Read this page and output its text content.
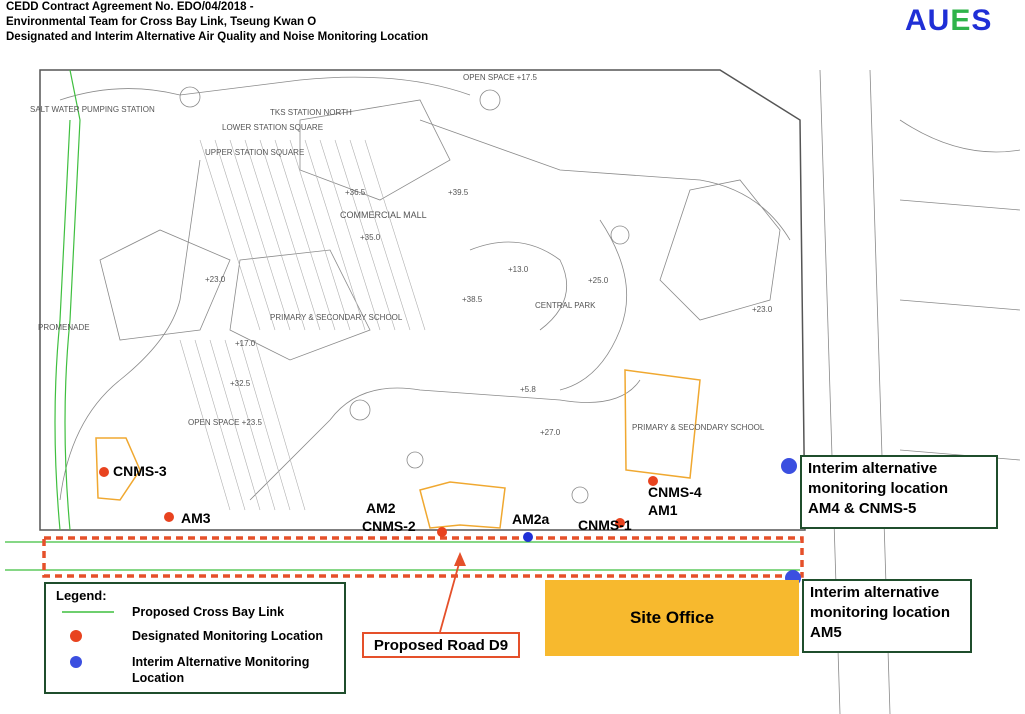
CEDD Contract Agreement No. EDO/04/2018 -
Environmental Team for Cross Bay Link, Tseung Kwan O
Designated and Interim Alternative Air Quality and Noise Monitoring Location	AUES
COMMERCIAL MALL
CENTRAL PARK
PRIMARY & SECONDARY SCHOOL
PRIMARY & SECONDARY SCHOOL
OPEN SPACE +17.5
OPEN SPACE +23.5
LOWER STATION SQUARE
UPPER STATION SQUARE
SALT WATER PUMPING STATION	TKS STATION NORTH
PROMENADE
+36.5	+39.5
+35.0
+23.0
+17.0
+32.5
+25.0
+23.0
+27.0
+5.8
+38.5
+13.0
CNMS-3
AM3
AM2
CNMS-2	AM2a CNMS-1
CNMS-4
AM1
Interim alternative
monitoring location
AM4 & CNMS-5
Interim alternative
monitoring location
AM5
Site Office
Proposed Road D9
Legend:
Proposed Cross Bay Link
Designated Monitoring Location
Interim Alternative Monitoring Location
